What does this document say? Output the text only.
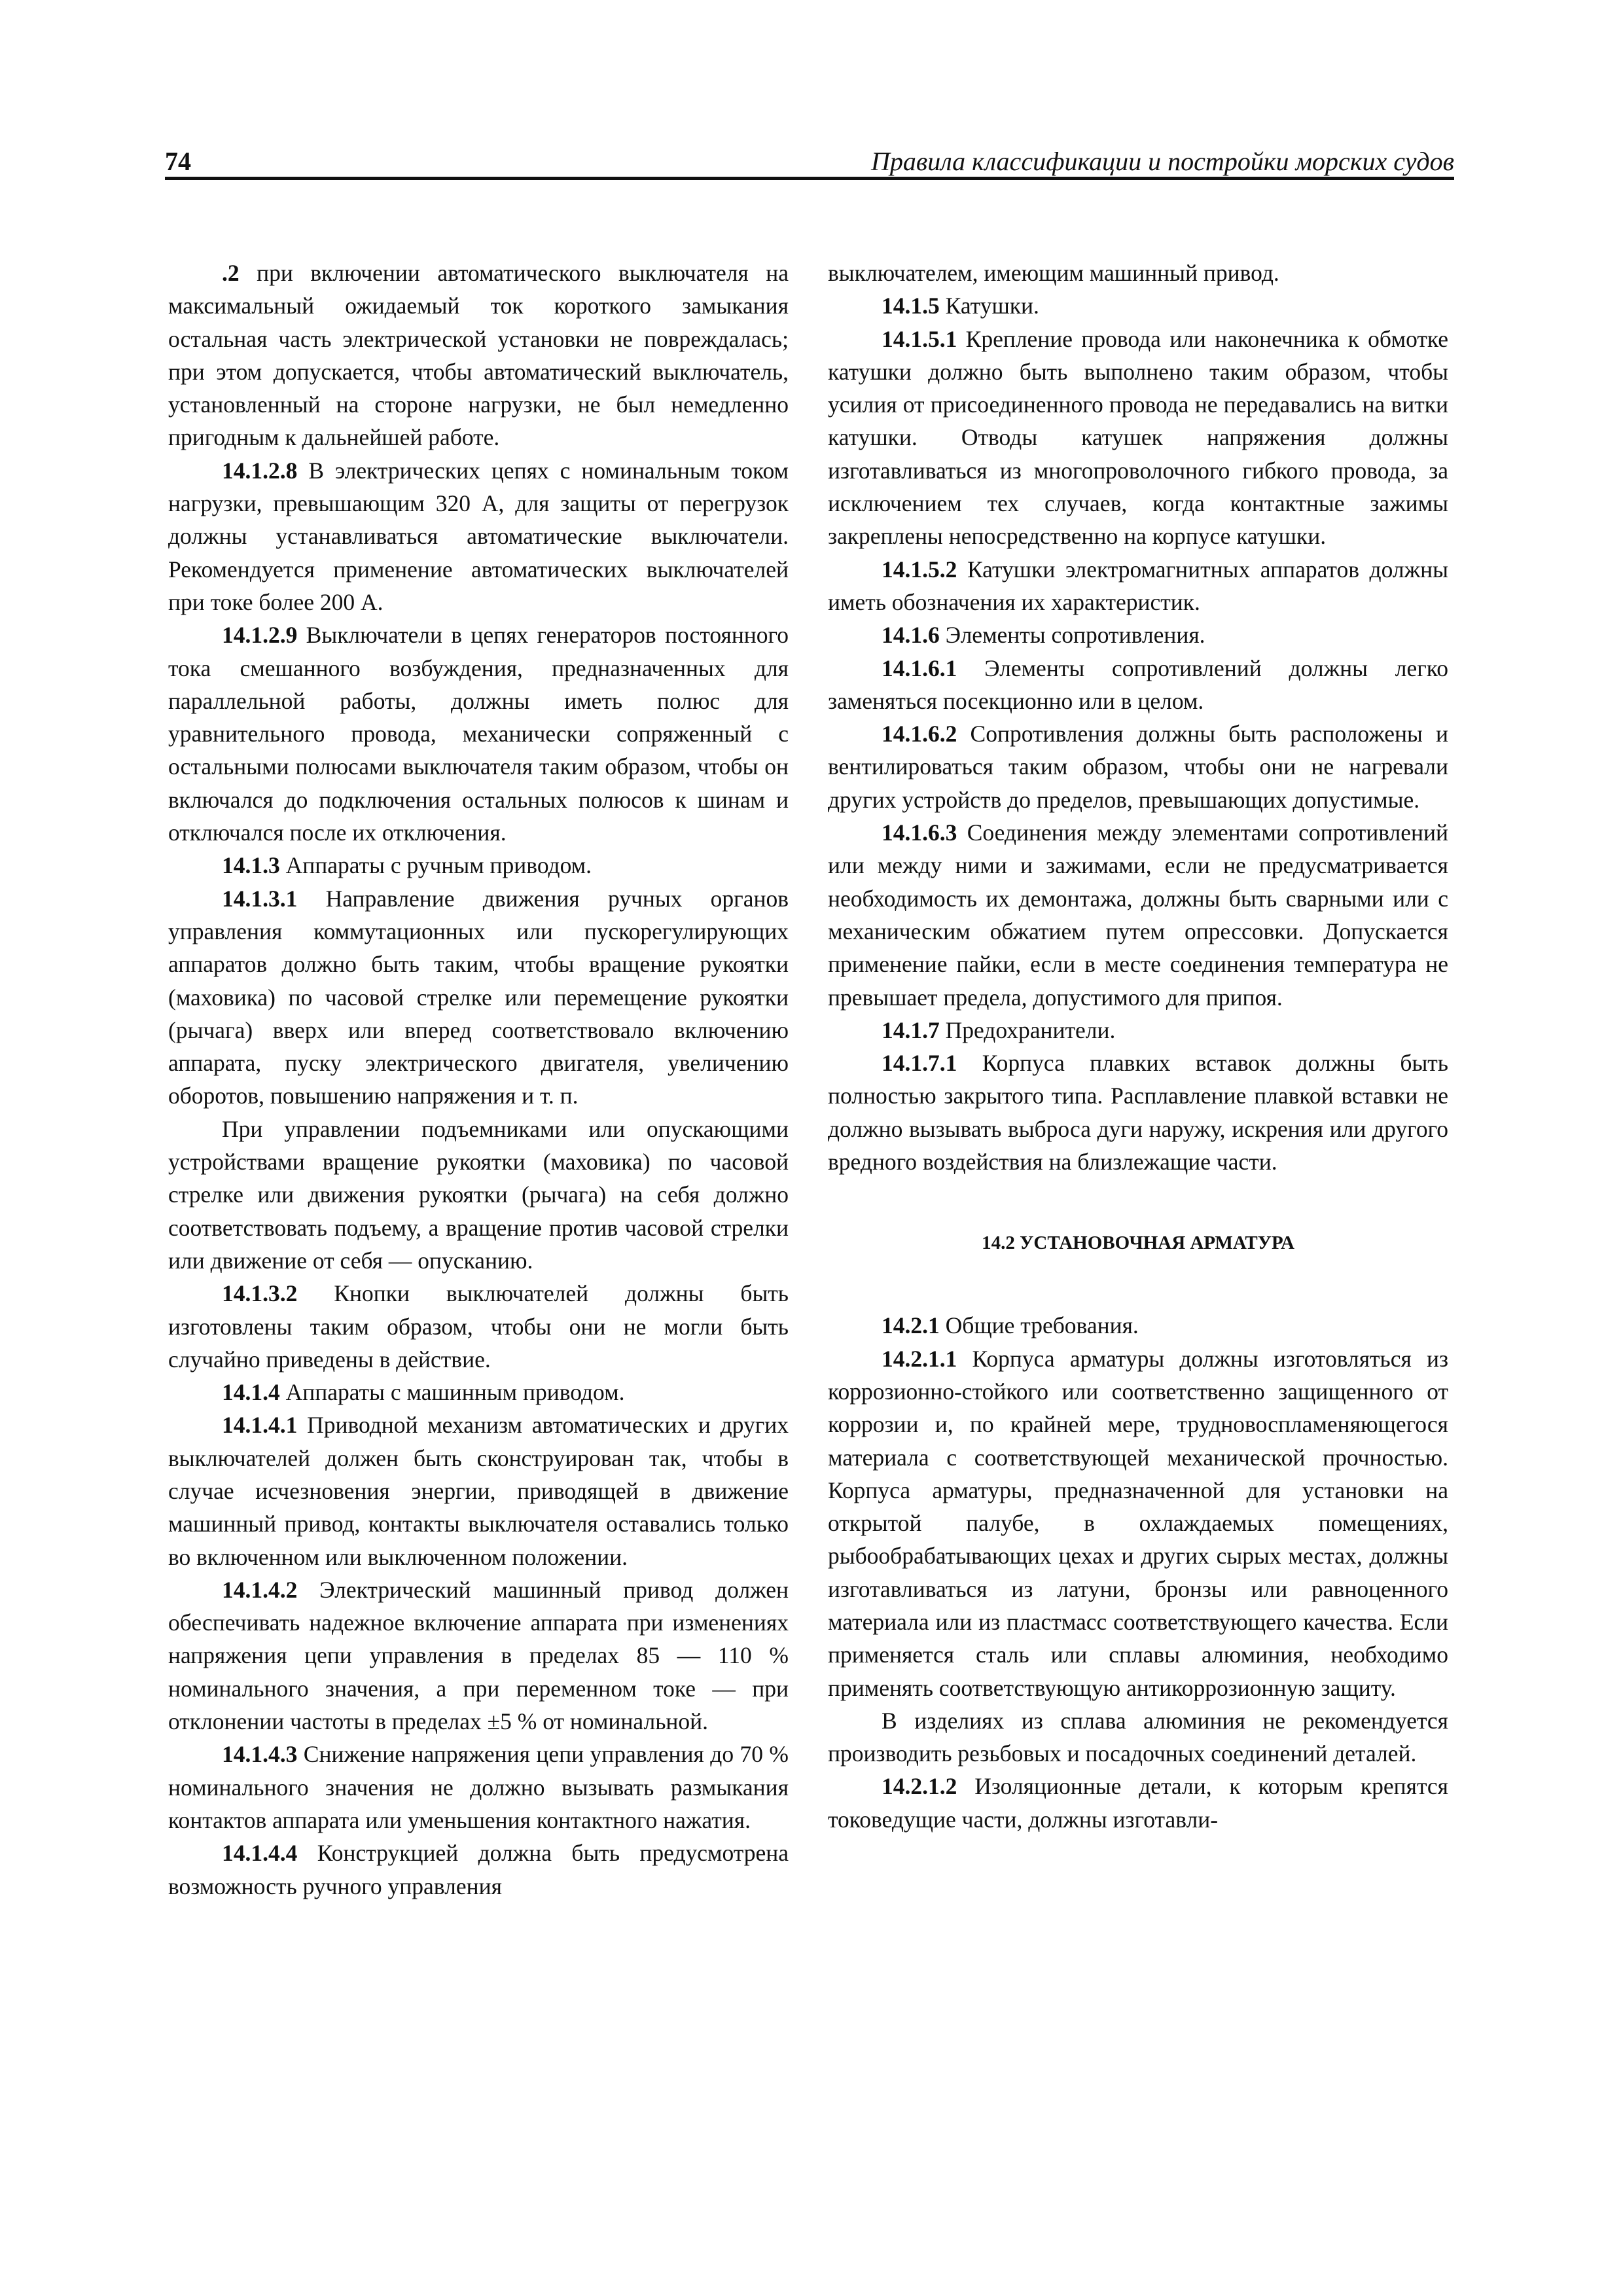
74	Правила классификации и постройки морских судов

.2 при включении автоматического выключателя на максимальный ожидаемый ток короткого замыкания остальная часть электрической установки не повреждалась; при этом допускается, чтобы автоматический выключатель, установленный на стороне нагрузки, не был немедленно пригодным к дальнейшей работе.

14.1.2.8 В электрических цепях с номинальным током нагрузки, превышающим 320 А, для защиты от перегрузок должны устанавливаться автоматические выключатели. Рекомендуется применение автоматических выключателей при токе более 200 А.

14.1.2.9 Выключатели в цепях генераторов постоянного тока смешанного возбуждения, предназначенных для параллельной работы, должны иметь полюс для уравнительного провода, механически сопряженный с остальными полюсами выключателя таким образом, чтобы он включался до подключения остальных полюсов к шинам и отключался после их отключения.

14.1.3 Аппараты с ручным приводом.

14.1.3.1 Направление движения ручных органов управления коммутационных или пускорегулирующих аппаратов должно быть таким, чтобы вращение рукоятки (маховика) по часовой стрелке или перемещение рукоятки (рычага) вверх или вперед соответствовало включению аппарата, пуску электрического двигателя, увеличению оборотов, повышению напряжения и т. п.

При управлении подъемниками или опускающими устройствами вращение рукоятки (маховика) по часовой стрелке или движения рукоятки (рычага) на себя должно соответствовать подъему, а вращение против часовой стрелки или движение от себя — опусканию.

14.1.3.2 Кнопки выключателей должны быть изготовлены таким образом, чтобы они не могли быть случайно приведены в действие.

14.1.4 Аппараты с машинным приводом.

14.1.4.1 Приводной механизм автоматических и других выключателей должен быть сконструирован так, чтобы в случае исчезновения энергии, приводящей в движение машинный привод, контакты выключателя оставались только во включенном или выключенном положении.

14.1.4.2 Электрический машинный привод должен обеспечивать надежное включение аппарата при изменениях напряжения цепи управления в пределах 85 — 110 % номинального значения, а при переменном токе — при отклонении частоты в пределах ±5 % от номинальной.

14.1.4.3 Снижение напряжения цепи управления до 70 % номинального значения не должно вызывать размыкания контактов аппарата или уменьшения контактного нажатия.

14.1.4.4 Конструкцией должна быть предусмотрена возможность ручного управления

выключателем, имеющим машинный привод.

14.1.5 Катушки.

14.1.5.1 Крепление провода или наконечника к обмотке катушки должно быть выполнено таким образом, чтобы усилия от присоединенного провода не передавались на витки катушки. Отводы катушек напряжения должны изготавливаться из многопроволочного гибкого провода, за исключением тех случаев, когда контактные зажимы закреплены непосредственно на корпусе катушки.

14.1.5.2 Катушки электромагнитных аппаратов должны иметь обозначения их характеристик.

14.1.6 Элементы сопротивления.

14.1.6.1 Элементы сопротивлений должны легко заменяться посекционно или в целом.

14.1.6.2 Сопротивления должны быть расположены и вентилироваться таким образом, чтобы они не нагревали других устройств до пределов, превышающих допустимые.

14.1.6.3 Соединения между элементами сопротивлений или между ними и зажимами, если не предусматривается необходимость их демонтажа, должны быть сварными или с механическим обжатием путем опрессовки. Допускается применение пайки, если в месте соединения температура не превышает предела, допустимого для припоя.

14.1.7 Предохранители.

14.1.7.1 Корпуса плавких вставок должны быть полностью закрытого типа. Расплавление плавкой вставки не должно вызывать выброса дуги наружу, искрения или другого вредного воздействия на близлежащие части.

14.2 УСТАНОВОЧНАЯ АРМАТУРА

14.2.1 Общие требования.

14.2.1.1 Корпуса арматуры должны изготовляться из коррозионно-стойкого или соответственно защищенного от коррозии и, по крайней мере, трудновоспламеняющегося материала с соответствующей механической прочностью. Корпуса арматуры, предназначенной для установки на открытой палубе, в охлаждаемых помещениях, рыбообрабатывающих цехах и других сырых местах, должны изготавливаться из латуни, бронзы или равноценного материала или из пластмасс соответствующего качества. Если применяется сталь или сплавы алюминия, необходимо применять соответствующую антикоррозионную защиту.

В изделиях из сплава алюминия не рекомендуется производить резьбовых и посадочных соединений деталей.

14.2.1.2 Изоляционные детали, к которым крепятся токоведущие части, должны изготавли-
